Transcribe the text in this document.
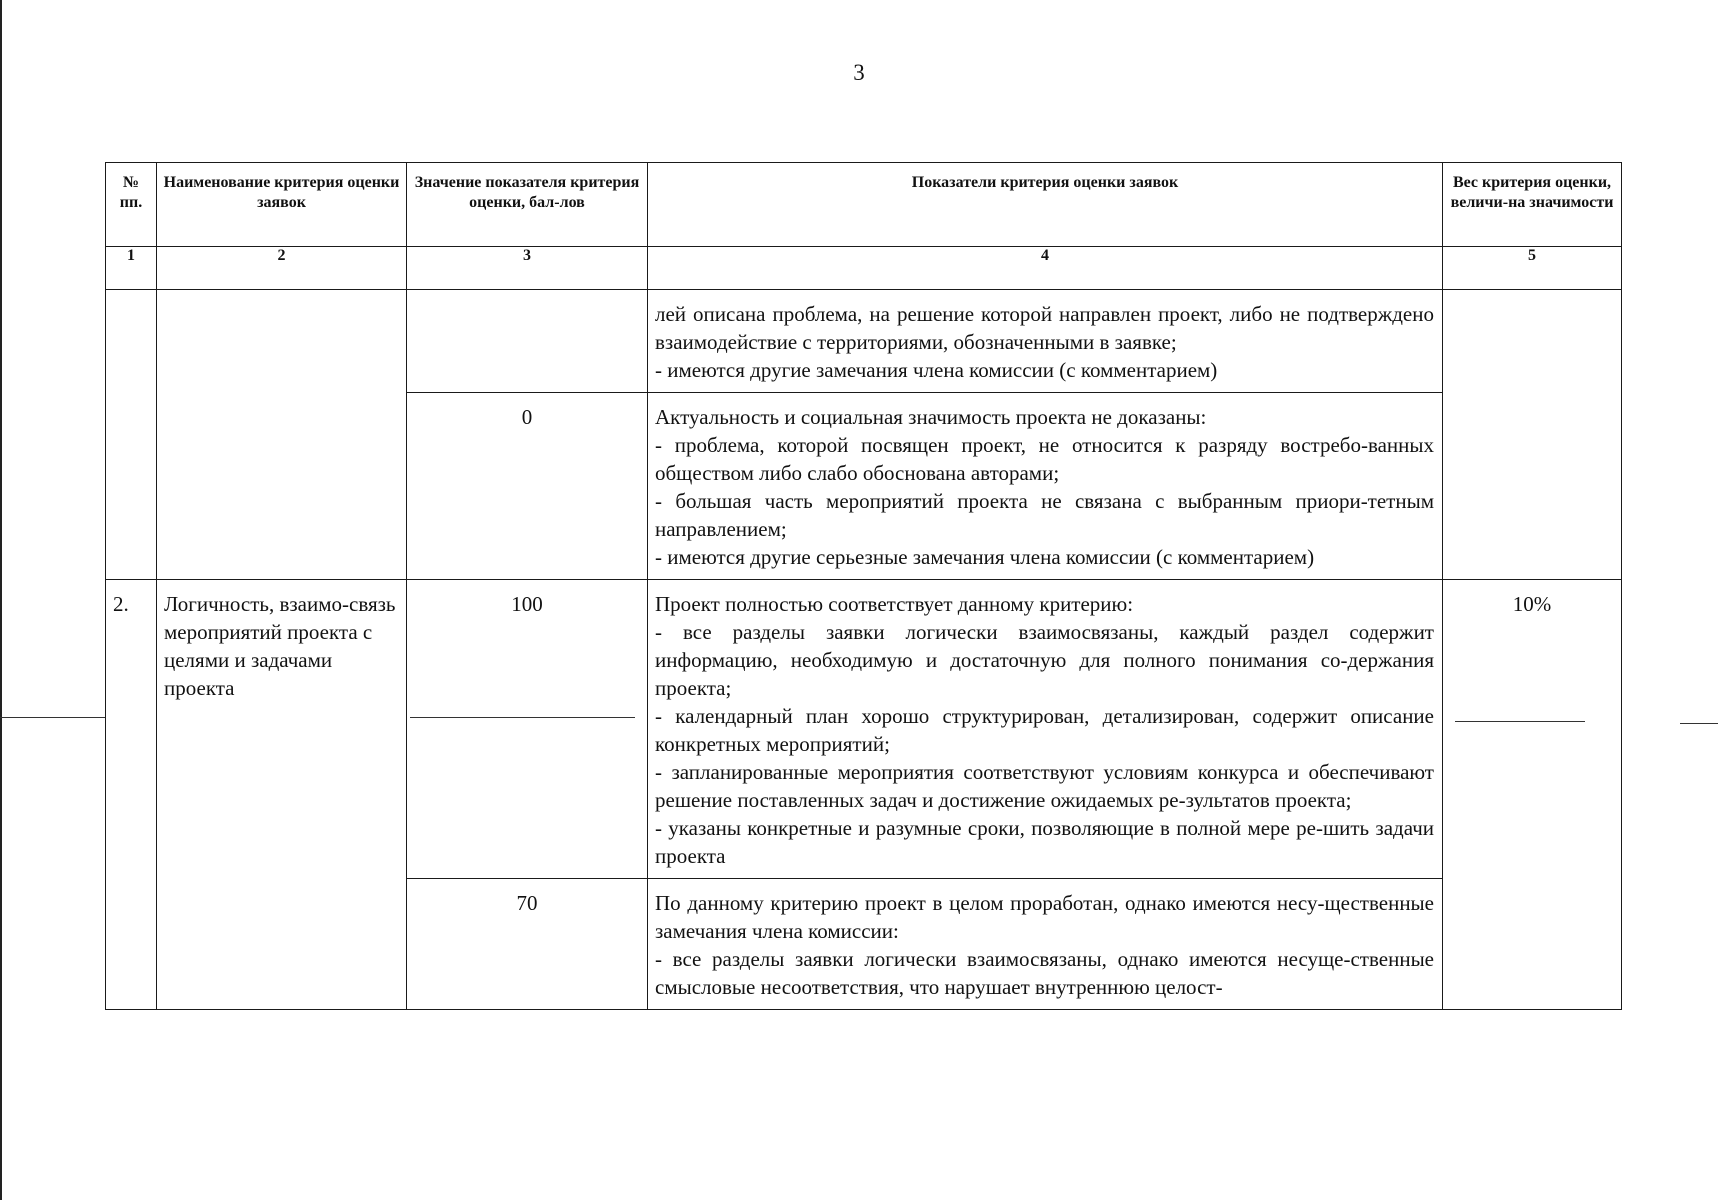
3
№ пп.	Наименование критерия оценки заявок	Значение показателя критерия оценки, бал-лов	Показатели критерия оценки заявок	Вес критерия оценки, величи-на значимости
1	2	3	4	5

			лей описана проблема, на решение которой направлен проект, либо не подтверждено взаимодействие с территориями, обозначенными в заявке;
- имеются другие замечания члена комиссии (с комментарием)	

		0	Актуальность и социальная значимость проекта не доказаны:
- проблема, которой посвящен проект, не относится к разряду востребо-ванных обществом либо слабо обоснована авторами;
- большая часть мероприятий проекта не связана с выбранным приори-тетным направлением;
- имеются другие серьезные замечания члена комиссии (с комментарием)	

2.	Логичность, взаимо-связь мероприятий проекта с целями и задачами проекта	100	Проект полностью соответствует данному критерию:
- все разделы заявки логически взаимосвязаны, каждый раздел содержит информацию, необходимую и достаточную для полного понимания со-держания проекта;
- календарный план хорошо структурирован, детализирован, содержит описание конкретных мероприятий;
- запланированные мероприятия соответствуют условиям конкурса и обеспечивают решение поставленных задач и достижение ожидаемых ре-зультатов проекта;
- указаны конкретные и разумные сроки, позволяющие в полной мере ре-шить задачи проекта	10%
		70	По данному критерию проект в целом проработан, однако имеются несу-щественные замечания члена комиссии:
- все разделы заявки логически взаимосвязаны, однако имеются несуще-ственные смысловые несоответствия, что нарушает внутреннюю целост-	
